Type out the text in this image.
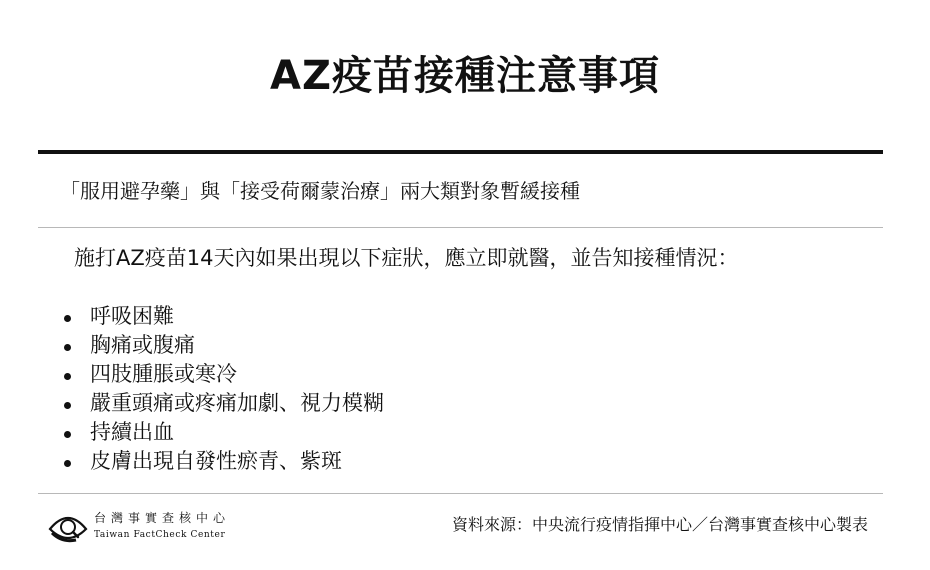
AZ疫苗接種注意事項
「服用避孕藥」與「接受荷爾蒙治療」兩大類對象暫緩接種
施打AZ疫苗14天內如果出現以下症狀，應立即就醫，並告知接種情況：
呼吸困難
胸痛或腹痛
四肢腫脹或寒冷
嚴重頭痛或疼痛加劇、視力模糊
持續出血
皮膚出現自發性瘀青、紫斑
台灣事實查核中心
Taiwan FactCheck Center
資料來源：中央流行疫情指揮中心／台灣事實查核中心製表
